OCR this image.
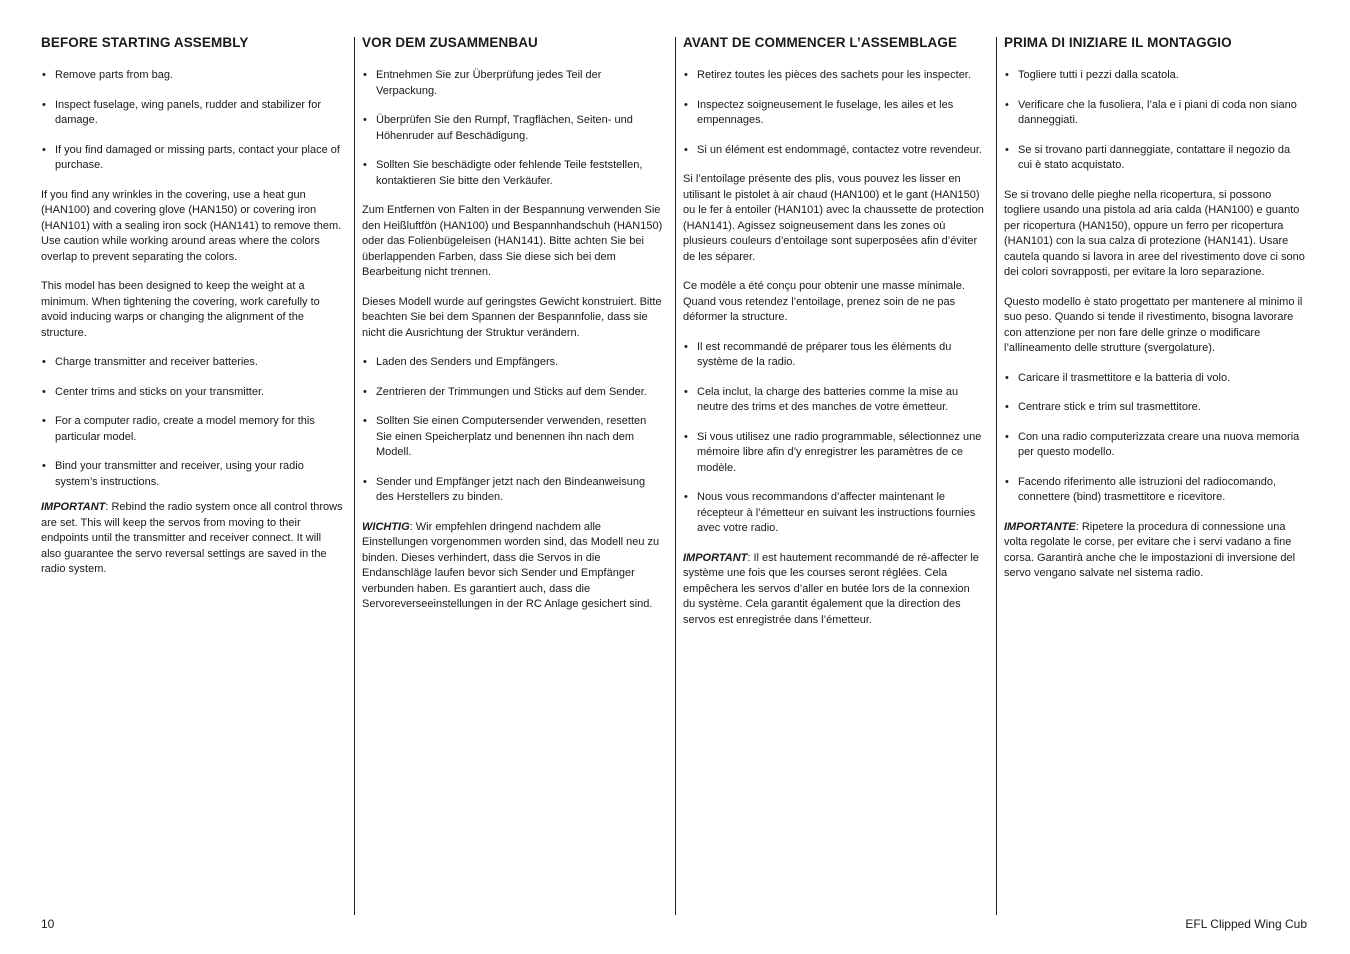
BEFORE STARTING ASSEMBLY
• Remove parts from bag.
• Inspect fuselage, wing panels, rudder and stabilizer for damage.
• If you find damaged or missing parts, contact your place of purchase.

If you find any wrinkles in the covering, use a heat gun (HAN100) and covering glove (HAN150) or covering iron (HAN101) with a sealing iron sock (HAN141) to remove them. Use caution while working around areas where the colors overlap to prevent separating the colors.

This model has been designed to keep the weight at a minimum. When tightening the covering, work carefully to avoid inducing warps or changing the alignment of the structure.

• Charge transmitter and receiver batteries.
• Center trims and sticks on your transmitter.
• For a computer radio, create a model memory for this particular model.
• Bind your transmitter and receiver, using your radio system’s instructions.

IMPORTANT: Rebind the radio system once all control throws are set. This will keep the servos from moving to their endpoints until the transmitter and receiver connect. It will also guarantee the servo reversal settings are saved in the radio system.

VOR DEM ZUSAMMENBAU
• Entnehmen Sie zur Überprüfung jedes Teil der Verpackung.
• Überprüfen Sie den Rumpf, Tragflächen, Seiten- und Höhenruder auf Beschädigung.
• Sollten Sie beschädigte oder fehlende Teile feststellen, kontaktieren Sie bitte den Verkäufer.

Zum Entfernen von Falten in der Bespannung verwenden Sie den Heißluftfön (HAN100) und Bespannhandschuh (HAN150) oder das Folienbügeleisen (HAN141). Bitte achten Sie bei überlappenden Farben, dass Sie diese sich bei dem Bearbeitung nicht trennen.

Dieses Modell wurde auf geringstes Gewicht konstruiert. Bitte beachten Sie bei dem Spannen der Bespannfolie, dass sie nicht die Ausrichtung der Struktur verändern.

• Laden des Senders und Empfängers.
• Zentrieren der Trimmungen und Sticks auf dem Sender.
• Sollten Sie einen Computersender verwenden, resetten Sie einen Speicherplatz und benennen ihn nach dem Modell.
• Sender und Empfänger jetzt nach den Bindeanweisung des Herstellers zu binden.

WICHTIG: Wir empfehlen dringend nachdem alle Einstellungen vorgenommen worden sind, das Modell neu zu binden. Dieses verhindert, dass die Servos in die Endanschläge laufen bevor sich Sender und Empfänger verbunden haben. Es garantiert auch, dass die Servoreverseeinstellungen in der RC Anlage gesichert sind.

AVANT DE COMMENCER L’ASSEMBLAGE
• Retirez toutes les pièces des sachets pour les inspecter.
• Inspectez soigneusement le fuselage, les ailes et les empennages.
• Si un élément est endommagé, contactez votre revendeur.

Si l’entoilage présente des plis, vous pouvez les lisser en utilisant le pistolet à air chaud (HAN100) et le gant (HAN150) ou le fer à entoiler (HAN101) avec la chaussette de protection (HAN141). Agissez soigneusement dans les zones où plusieurs couleurs d’entoilage sont superposées afin d’éviter de les séparer.

Ce modèle a été conçu pour obtenir une masse minimale. Quand vous retendez l’entoilage, prenez soin de ne pas déformer la structure.

• Il est recommandé de préparer tous les éléments du système de la radio.
• Cela inclut, la charge des batteries comme la mise au neutre des trims et des manches de votre émetteur.
• Si vous utilisez une radio programmable, sélectionnez une mémoire libre afin d’y enregistrer les paramètres de ce modèle.
• Nous vous recommandons d’affecter maintenant le récepteur à l’émetteur en suivant les instructions fournies avec votre radio.

IMPORTANT: Il est hautement recommandé de ré-affecter le système une fois que les courses seront réglées. Cela empêchera les servos d’aller en butée lors de la connexion du système. Cela garantit également que la direction des servos est enregistrée dans l’émetteur.

PRIMA DI INIZIARE IL MONTAGGIO
• Togliere tutti i pezzi dalla scatola.
• Verificare che la fusoliera, l’ala e i piani di coda non siano danneggiati.
• Se si trovano parti danneggiate, contattare il negozio da cui è stato acquistato.

Se si trovano delle pieghe nella ricopertura, si possono togliere usando una pistola ad aria calda (HAN100) e guanto per ricopertura (HAN150), oppure un ferro per ricopertura (HAN101) con la sua calza di protezione (HAN141). Usare cautela quando si lavora in aree del rivestimento dove ci sono dei colori sovrapposti, per evitare la loro separazione.

Questo modello è stato progettato per mantenere al minimo il suo peso. Quando si tende il rivestimento, bisogna lavorare con attenzione per non fare delle grinze o modificare l’allineamento delle strutture (svergolature).

• Caricare il trasmettitore e la batteria di volo.
• Centrare stick e trim sul trasmettitore.
• Con una radio computerizzata creare una nuova memoria per questo modello.
• Facendo riferimento alle istruzioni del radiocomando, connettere (bind) trasmettitore e ricevitore.

IMPORTANTE: Ripetere la procedura di connessione una volta regolate le corse, per evitare che i servi vadano a fine corsa. Garantirà anche che le impostazioni di inversione del servo vengano salvate nel sistema radio.

10	EFL Clipped Wing Cub
